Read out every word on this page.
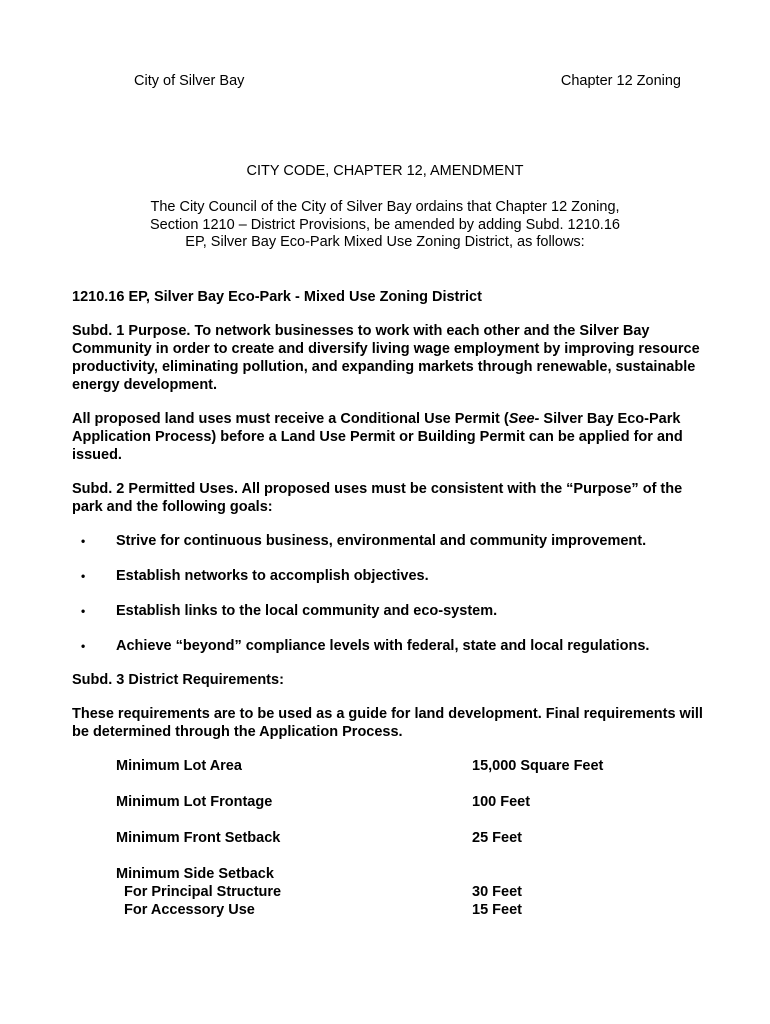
City of Silver Bay	Chapter 12 Zoning
CITY CODE, CHAPTER 12, AMENDMENT
The City Council of the City of Silver Bay ordains that Chapter 12 Zoning,
Section 1210 – District Provisions, be amended by adding Subd. 1210.16
EP, Silver Bay Eco-Park Mixed Use Zoning District, as follows:

1210.16 EP, Silver Bay Eco-Park - Mixed Use Zoning District

Subd. 1 Purpose. To network businesses to work with each other and the Silver Bay Community in order to create and diversify living wage employment by improving resource productivity, eliminating pollution, and expanding markets through renewable, sustainable energy development.

All proposed land uses must receive a Conditional Use Permit (See- Silver Bay Eco-Park Application Process) before a Land Use Permit or Building Permit can be applied for and issued.

Subd. 2 Permitted Uses. All proposed uses must be consistent with the “Purpose” of the park and the following goals:

• Strive for continuous business, environmental and community improvement.
• Establish networks to accomplish objectives.
• Establish links to the local community and eco-system.
• Achieve “beyond” compliance levels with federal, state and local regulations.

Subd. 3 District Requirements:

These requirements are to be used as a guide for land development. Final requirements will be determined through the Application Process.

Minimum Lot Area	15,000 Square Feet
Minimum Lot Frontage	100 Feet
Minimum Front Setback	25 Feet
Minimum Side Setback
For Principal Structure	30 Feet
For Accessory Use	15 Feet
